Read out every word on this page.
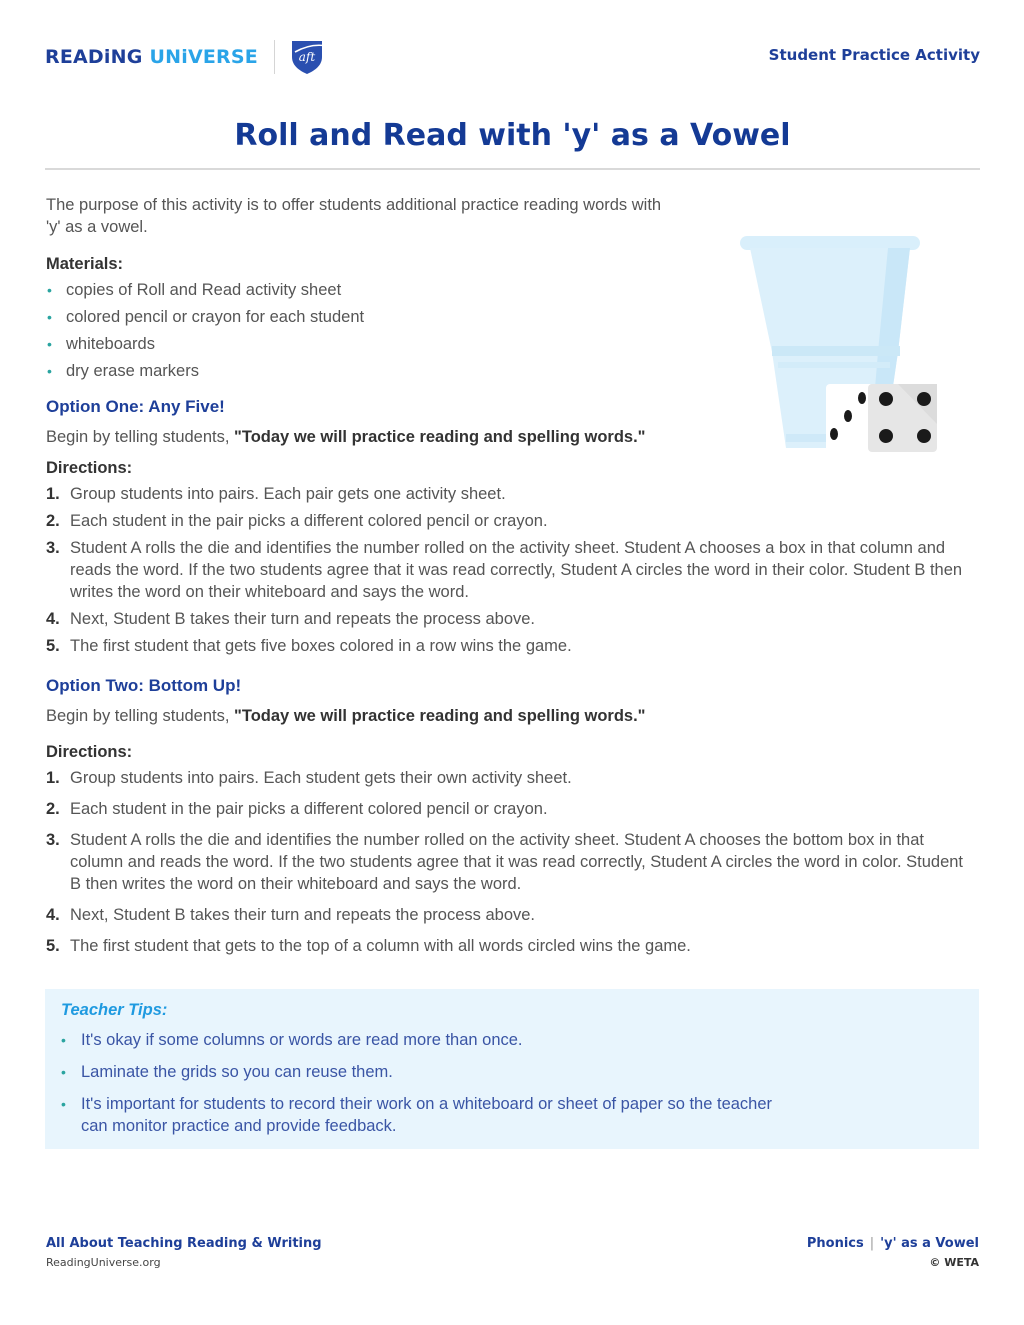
READiNG UNiVERSE	aft	Student Practice Activity
Roll and Read with 'y' as a Vowel

The purpose of this activity is to offer students additional practice reading words with 'y' as a vowel.

Materials:
• copies of Roll and Read activity sheet
• colored pencil or crayon for each student
• whiteboards
• dry erase markers
Option One: Any Five!

Begin by telling students, "Today we will practice reading and spelling words."

Directions:
1. Group students into pairs. Each pair gets one activity sheet.
2. Each student in the pair picks a different colored pencil or crayon.
3. Student A rolls the die and identifies the number rolled on the activity sheet. Student A chooses a box in that column and reads the word. If the two students agree that it was read correctly, Student A circles the word in their color. Student B then writes the word on their whiteboard and says the word.
4. Next, Student B takes their turn and repeats the process above.
5. The first student that gets five boxes colored in a row wins the game.
Option Two: Bottom Up!

Begin by telling students, "Today we will practice reading and spelling words."

Directions:
1. Group students into pairs. Each student gets their own activity sheet.
2. Each student in the pair picks a different colored pencil or crayon.
3. Student A rolls the die and identifies the number rolled on the activity sheet. Student A chooses the bottom box in that column and reads the word. If the two students agree that it was read correctly, Student A circles the word in color. Student B then writes the word on their whiteboard and says the word.
4. Next, Student B takes their turn and repeats the process above.
5. The first student that gets to the top of a column with all words circled wins the game.
Teacher Tips:
• It's okay if some columns or words are read more than once.
• Laminate the grids so you can reuse them.
• It's important for students to record their work on a whiteboard or sheet of paper so the teacher can monitor practice and provide feedback.
All About Teaching Reading & Writing
ReadingUniverse.org
Phonics | 'y' as a Vowel
© WETA
